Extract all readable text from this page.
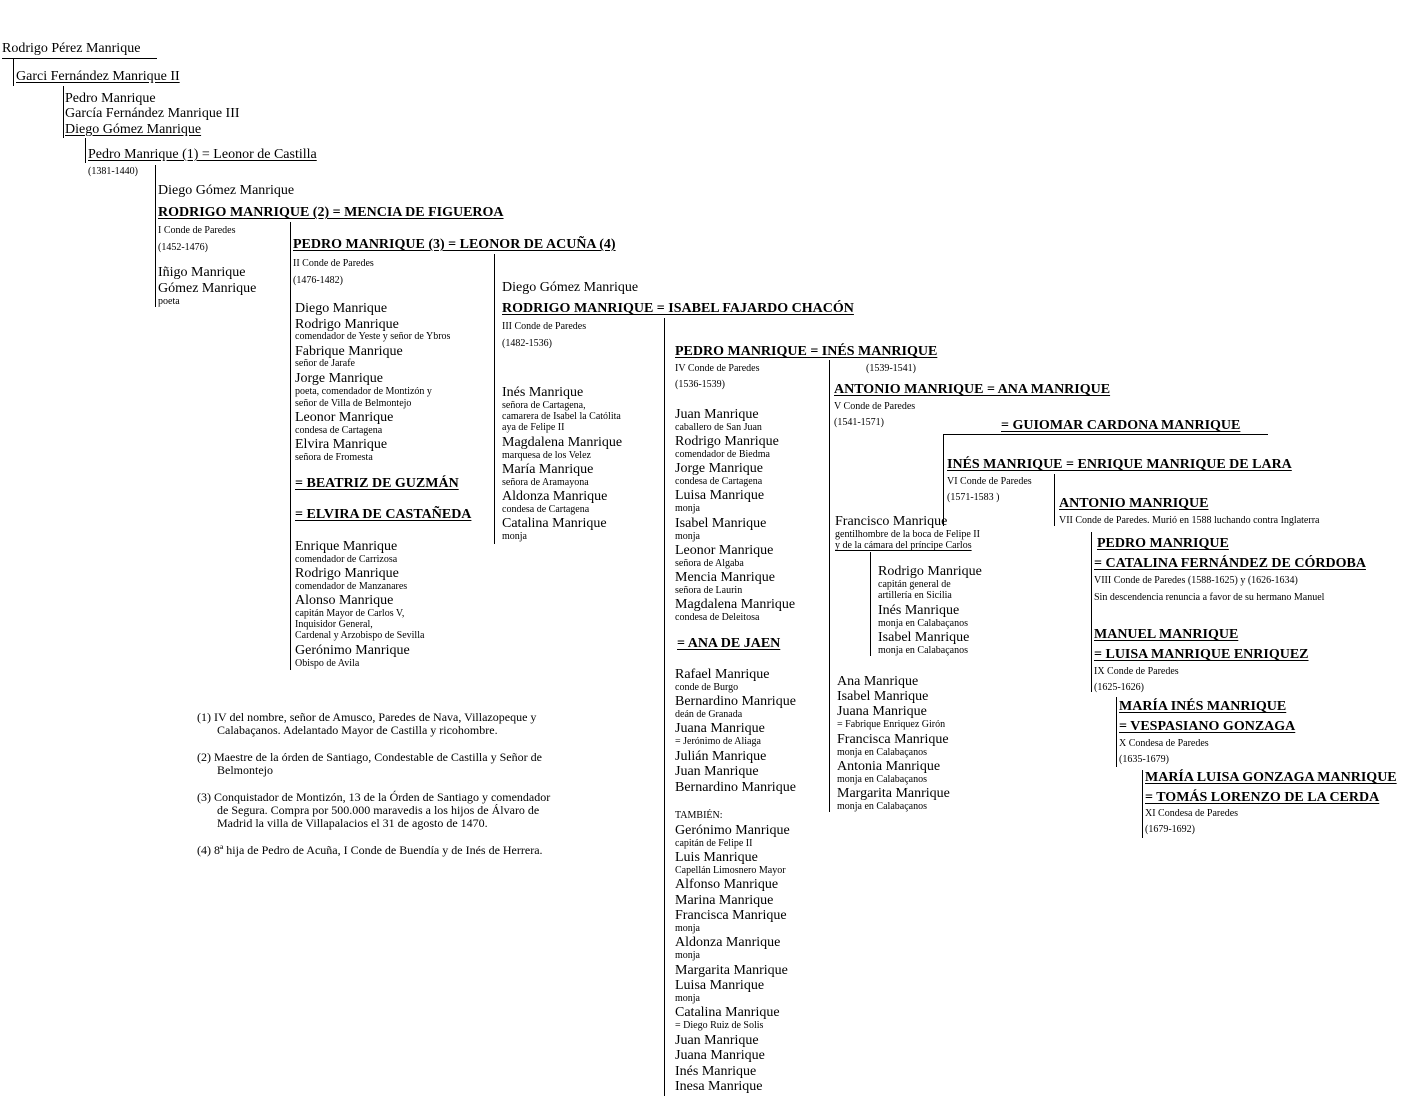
Rodrigo Pérez Manrique
Garci Fernández Manrique II
Pedro Manrique
García Fernández Manrique III
Diego Gómez Manrique
Pedro Manrique (1) = Leonor de Castilla
(1381-1440)
Diego Gómez Manrique
RODRIGO MANRIQUE (2) = MENCIA DE FIGUEROA
I Conde de Paredes
(1452-1476)
Iñigo Manrique
Gómez Manrique
poeta
PEDRO MANRIQUE (3) = LEONOR DE ACUÑA (4)
II Conde de Paredes
(1476-1482)
Diego Manrique
Rodrigo Manrique
comendador de Yeste y señor de Ybros
Fabrique Manrique
señor de Jarafe
Jorge Manrique
poeta, comendador de Montizón y
señor de Villa de Belmontejo
Leonor Manrique
condesa de Cartagena
Elvira Manrique
señora de Fromesta
= BEATRIZ DE GUZMÁN
= ELVIRA DE CASTAÑEDA
Enrique Manrique
comendador de Carrizosa
Rodrigo Manrique
comendador de Manzanares
Alonso Manrique
capitán Mayor de Carlos V,
Inquisidor General,
Cardenal y Arzobispo de Sevilla
Gerónimo Manrique
Obispo de Avila
Diego Gómez Manrique
RODRIGO MANRIQUE = ISABEL FAJARDO CHACÓN
III Conde de Paredes
(1482-1536)
Inés Manrique
señora de Cartagena,
camarera de Isabel la Católita
aya de Felipe II
Magdalena Manrique
marquesa de los Velez
María Manrique
señora de Aramayona
Aldonza Manrique
condesa de Cartagena
Catalina Manrique
monja
PEDRO MANRIQUE = INÉS MANRIQUE
IV Conde de Paredes	(1539-1541)
(1536-1539)
Juan Manrique
caballero de San Juan
Rodrigo Manrique
comendador de Biedma
Jorge Manrique
condesa de Cartagena
Luisa Manrique
monja
Isabel Manrique
monja
Leonor Manrique
señora de Algaba
Mencia Manrique
señora de Laurin
Magdalena Manrique
condesa de Deleitosa
= ANA DE JAEN
Rafael Manrique
conde de Burgo
Bernardino Manrique
deán de Granada
Juana Manrique
= Jerónimo de Aliaga
Julián Manrique
Juan Manrique
Bernardino Manrique
TAMBIÉN:
Gerónimo Manrique
capitán de Felipe II
Luis Manrique
Capellán Limosnero Mayor
Alfonso Manrique
Marina Manrique
Francisca Manrique
monja
Aldonza Manrique
monja
Margarita Manrique
Luisa Manrique
monja
Catalina Manrique
= Diego Ruiz de Solis
Juan Manrique
Juana Manrique
Inés Manrique
Inesa Manrique
ANTONIO MANRIQUE = ANA MANRIQUE
V Conde de Paredes
(1541-1571)	= GUIOMAR CARDONA MANRIQUE
Francisco Manrique
gentilhombre de la boca de Felipe II
y de la cámara del príncipe Carlos
Rodrigo Manrique
capitán general de
artillería en Sicilia
Inés Manrique
monja en Calabaçanos
Isabel Manrique
monja en Calabaçanos
Ana Manrique
Isabel Manrique
Juana Manrique
= Fabrique Enriquez Girón
Francisca Manrique
monja en Calabaçanos
Antonia Manrique
monja en Calabaçanos
Margarita Manrique
monja en Calabaçanos
INÉS MANRIQUE = ENRIQUE MANRIQUE DE LARA
VI Conde de Paredes
(1571-1583 )	ANTONIO MANRIQUE
VII Conde de Paredes. Murió en 1588 luchando contra Inglaterra
PEDRO MANRIQUE
= CATALINA FERNÁNDEZ DE CÓRDOBA
VIII Conde de Paredes (1588-1625) y (1626-1634)
Sin descendencia renuncia a favor de su hermano Manuel
MANUEL MANRIQUE
= LUISA MANRIQUE ENRIQUEZ
IX Conde de Paredes
(1625-1626)
MARÍA INÉS MANRIQUE
= VESPASIANO GONZAGA
X Condesa de Paredes
(1635-1679)
MARÍA LUISA GONZAGA MANRIQUE
= TOMÁS LORENZO DE LA CERDA
XI Condesa de Paredes
(1679-1692)
(1) IV del nombre, señor de Amusco, Paredes de Nava, Villazopeque y
Calabaçanos. Adelantado Mayor de Castilla y ricohombre.
(2) Maestre de la órden de Santiago, Condestable de Castilla y Señor de
Belmontejo
(3) Conquistador de Montizón, 13 de la Órden de Santiago y comendador
de Segura. Compra por 500.000 maravedis a los hijos de Álvaro de
Madrid la villa de Villapalacios el 31 de agosto de 1470.
(4) 8ª hija de Pedro de Acuña, I Conde de Buendía y de Inés de Herrera.
